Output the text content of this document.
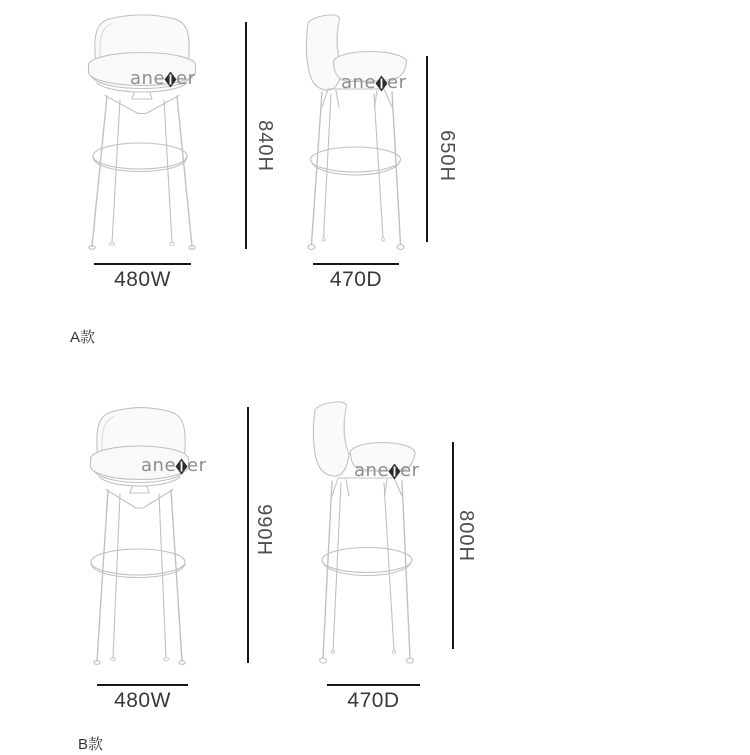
840H
480W
650H
470D
A款
990H
480W
800H
470D
B款
ane er	ane er
ane er	ane er
